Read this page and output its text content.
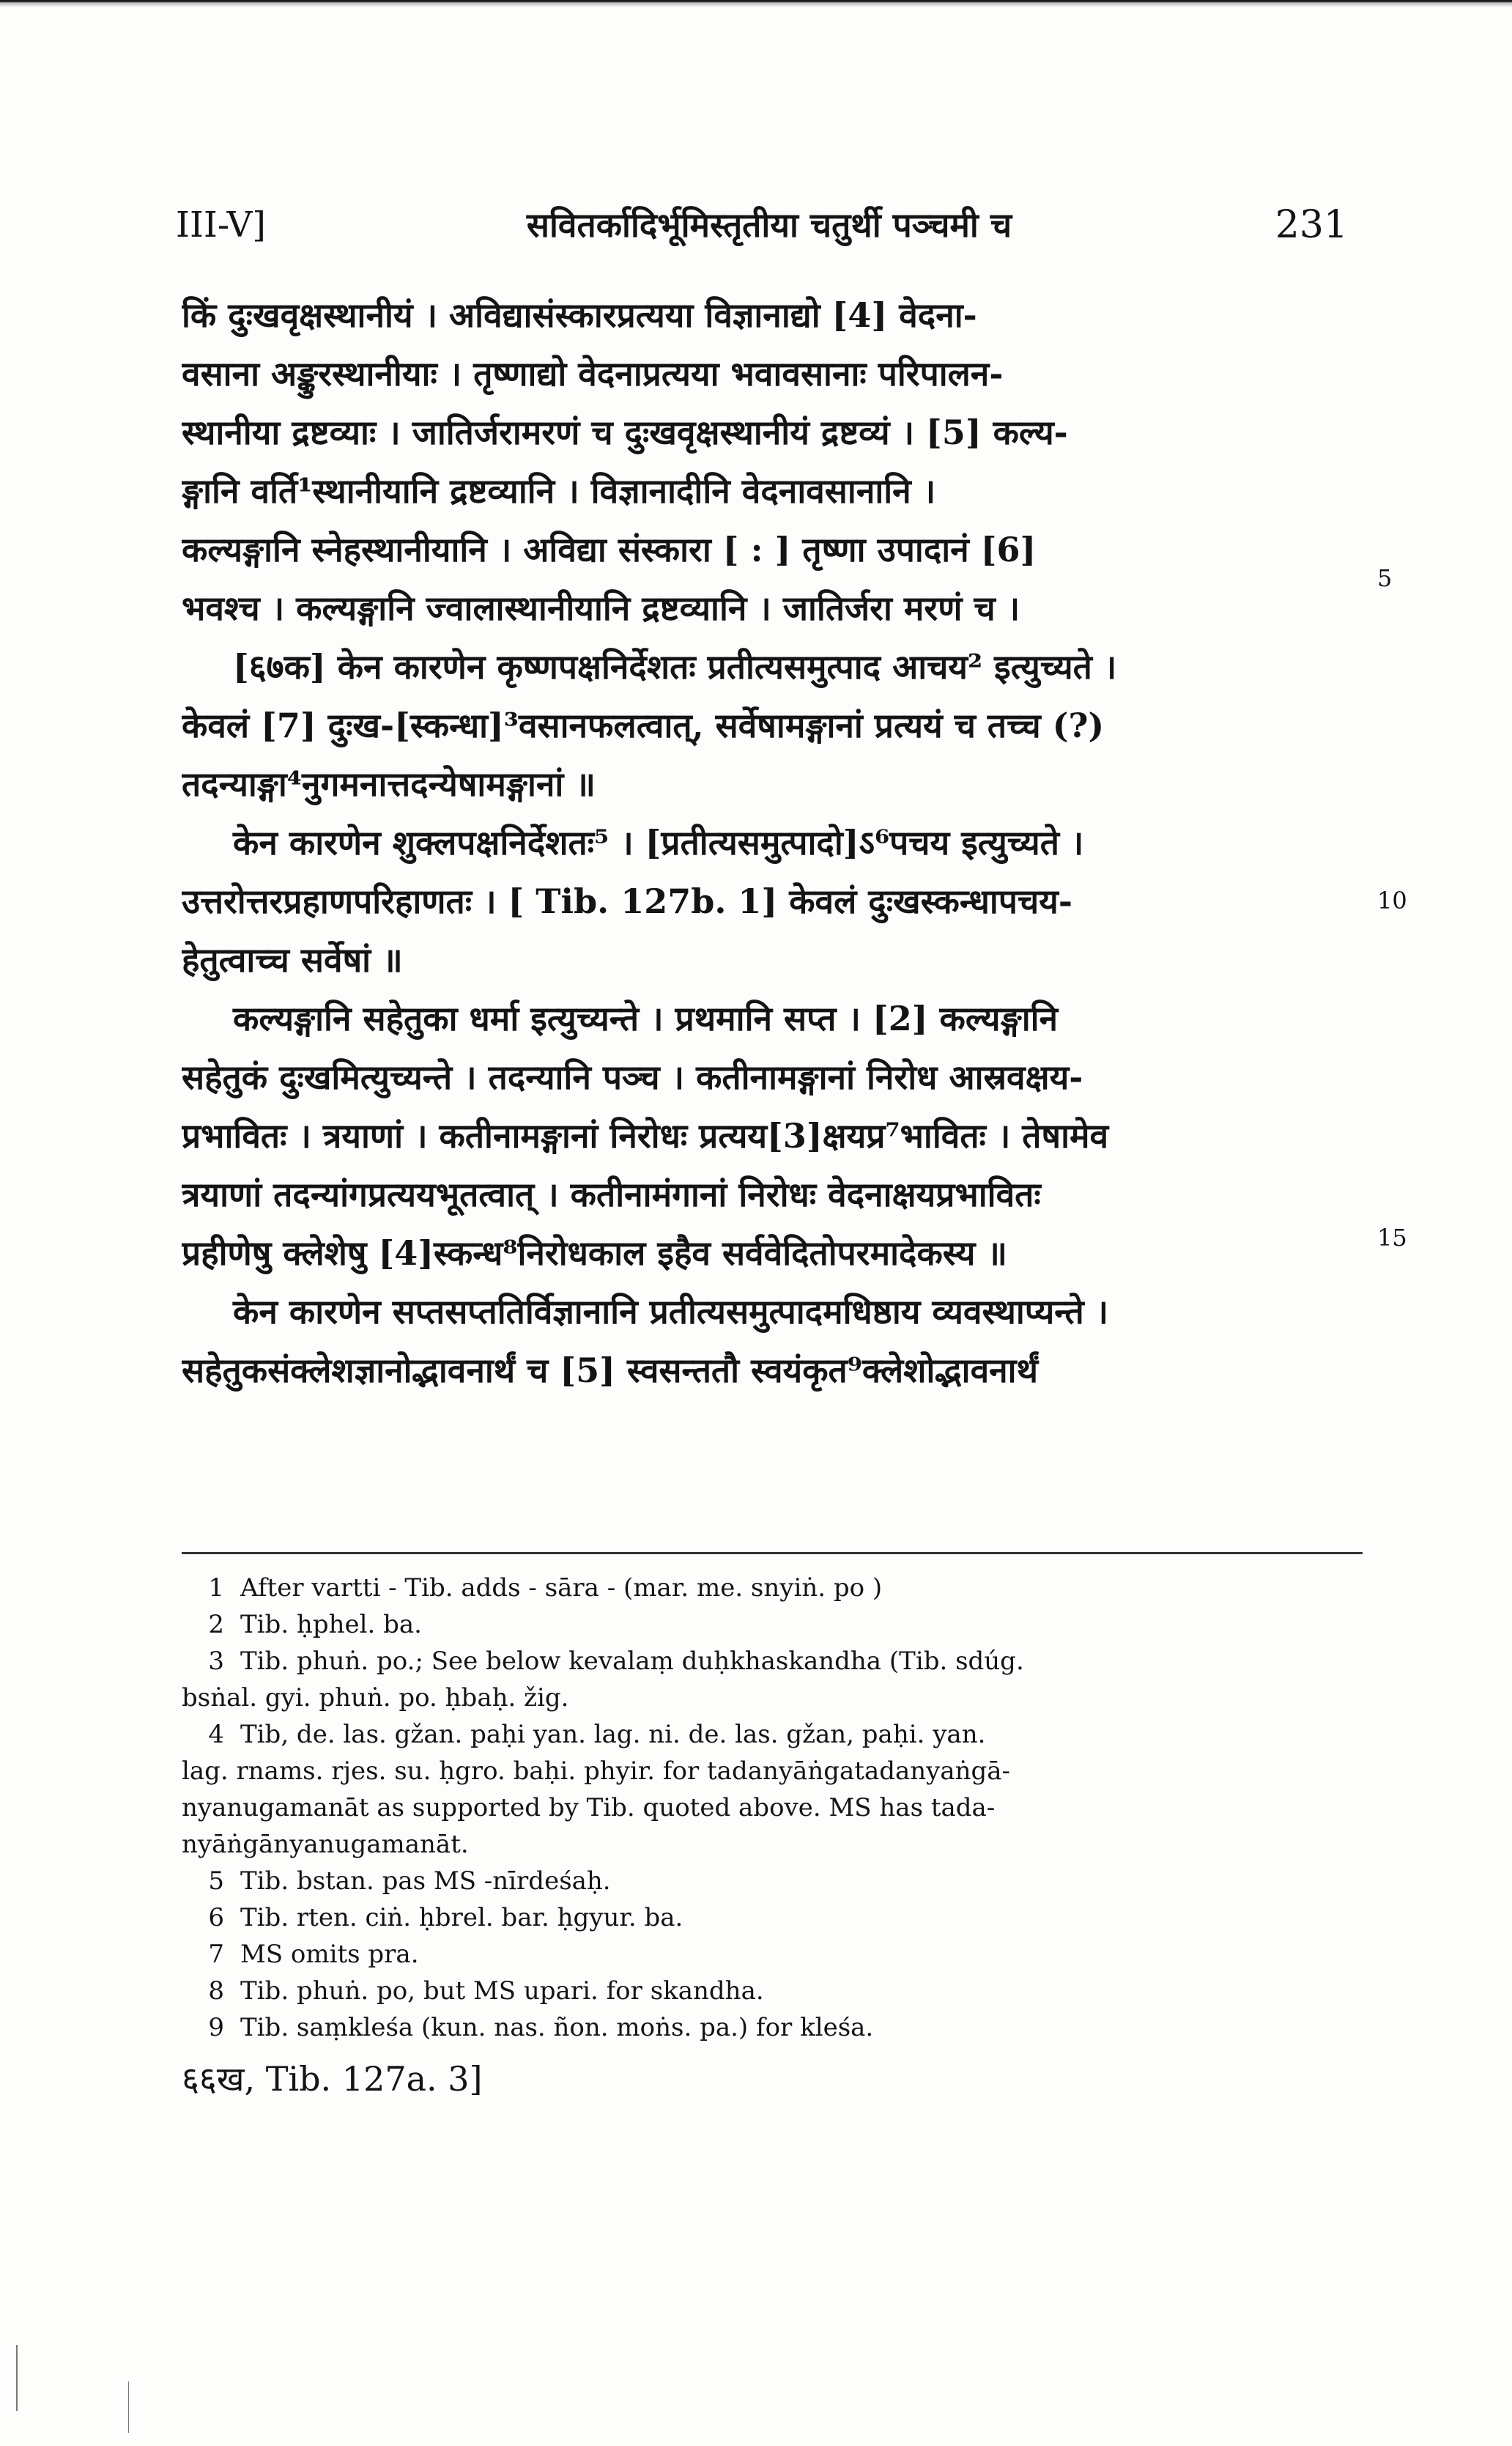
III-V]	सवितर्कादिर्भूमिस्तृतीया चतुर्थी पञ्चमी च	231
किं दुःखवृक्षस्थानीयं । अविद्यासंस्कारप्रत्यया विज्ञानाद्यो [4] वेदना-
वसाना अङ्कुरस्थानीयाः । तृष्णाद्यो वेदनाप्रत्यया भवावसानाः परिपालन-
स्थानीया द्रष्टव्याः । जातिर्जरामरणं च दुःखवृक्षस्थानीयं द्रष्टव्यं । [5] कल्य-
ङ्गानि वर्ति¹स्थानीयानि द्रष्टव्यानि । विज्ञानादीनि वेदनावसानानि ।
कल्यङ्गानि स्नेहस्थानीयानि । अविद्या संस्कारा [ : ] तृष्णा उपादानं [6]
भवश्च । कल्यङ्गानि ज्वालास्थानीयानि द्रष्टव्यानि । जातिर्जरा मरणं च ।
[६७क] केन कारणेन कृष्णपक्षनिर्देशतः प्रतीत्यसमुत्पाद आचय² इत्युच्यते ।
केवलं [7] दुःख-[स्कन्धा]³वसानफलत्वात्, सर्वेषामङ्गानां प्रत्ययं च तच्च (?)
तदन्याङ्गा⁴नुगमनात्तदन्येषामङ्गानां ॥
केन कारणेन शुक्लपक्षनिर्देशतः⁵ । [प्रतीत्यसमुत्पादो]ऽ⁶पचय इत्युच्यते ।
उत्तरोत्तरप्रहाणपरिहाणतः । [ Tib. 127b. 1] केवलं दुःखस्कन्धापचय-
हेतुत्वाच्च सर्वेषां ॥
कल्यङ्गानि सहेतुका धर्मा इत्युच्यन्ते । प्रथमानि सप्त । [2] कल्यङ्गानि
सहेतुकं दुःखमित्युच्यन्ते । तदन्यानि पञ्च । कतीनामङ्गानां निरोध आस्रवक्षय-
प्रभावितः । त्रयाणां । कतीनामङ्गानां निरोधः प्रत्यय[3]क्षयप्र⁷भावितः । तेषामेव
त्रयाणां तदन्यांगप्रत्ययभूतत्वात् । कतीनामंगानां निरोधः वेदनाक्षयप्रभावितः
प्रहीणेषु क्लेशेषु [4]स्कन्ध⁸निरोधकाल इहैव सर्ववेदितोपरमादेकस्य ॥
केन कारणेन सप्तसप्ततिर्विज्ञानानि प्रतीत्यसमुत्पादमधिष्ठाय व्यवस्थाप्यन्ते ।
सहेतुकसंक्लेशज्ञानोद्भावनार्थं च [5] स्वसन्ततौ स्वयंकृत⁹क्लेशोद्भावनार्थं
5
10
15
1 After vartti - Tib. adds - sāra - (mar. me. snyiṅ. po )
2 Tib. ḥphel. ba.
3 Tib. phuṅ. po.; See below kevalaṃ duḥkhaskandha (Tib. sdúg.
bsṅal. gyi. phuṅ. po. ḥbaḥ. žig.
4 Tib, de. las. gžan. paḥi yan. lag. ni. de. las. gžan, paḥi. yan.
lag. rnams. rjes. su. ḥgro. baḥi. phyir. for tadanyāṅgatadanyaṅgā-
nyanugamanāt as supported by Tib. quoted above. MS has tada-
nyāṅgānyanugamanāt.
5 Tib. bstan. pas MS -nīrdeśaḥ.
6 Tib. rten. ciṅ. ḥbrel. bar. ḥgyur. ba.
7 MS omits pra.
8 Tib. phuṅ. po, but MS upari. for skandha.
9 Tib. saṃkleśa (kun. nas. ñon. moṅs. pa.) for kleśa.
६६ख, Tib. 127a. 3]
